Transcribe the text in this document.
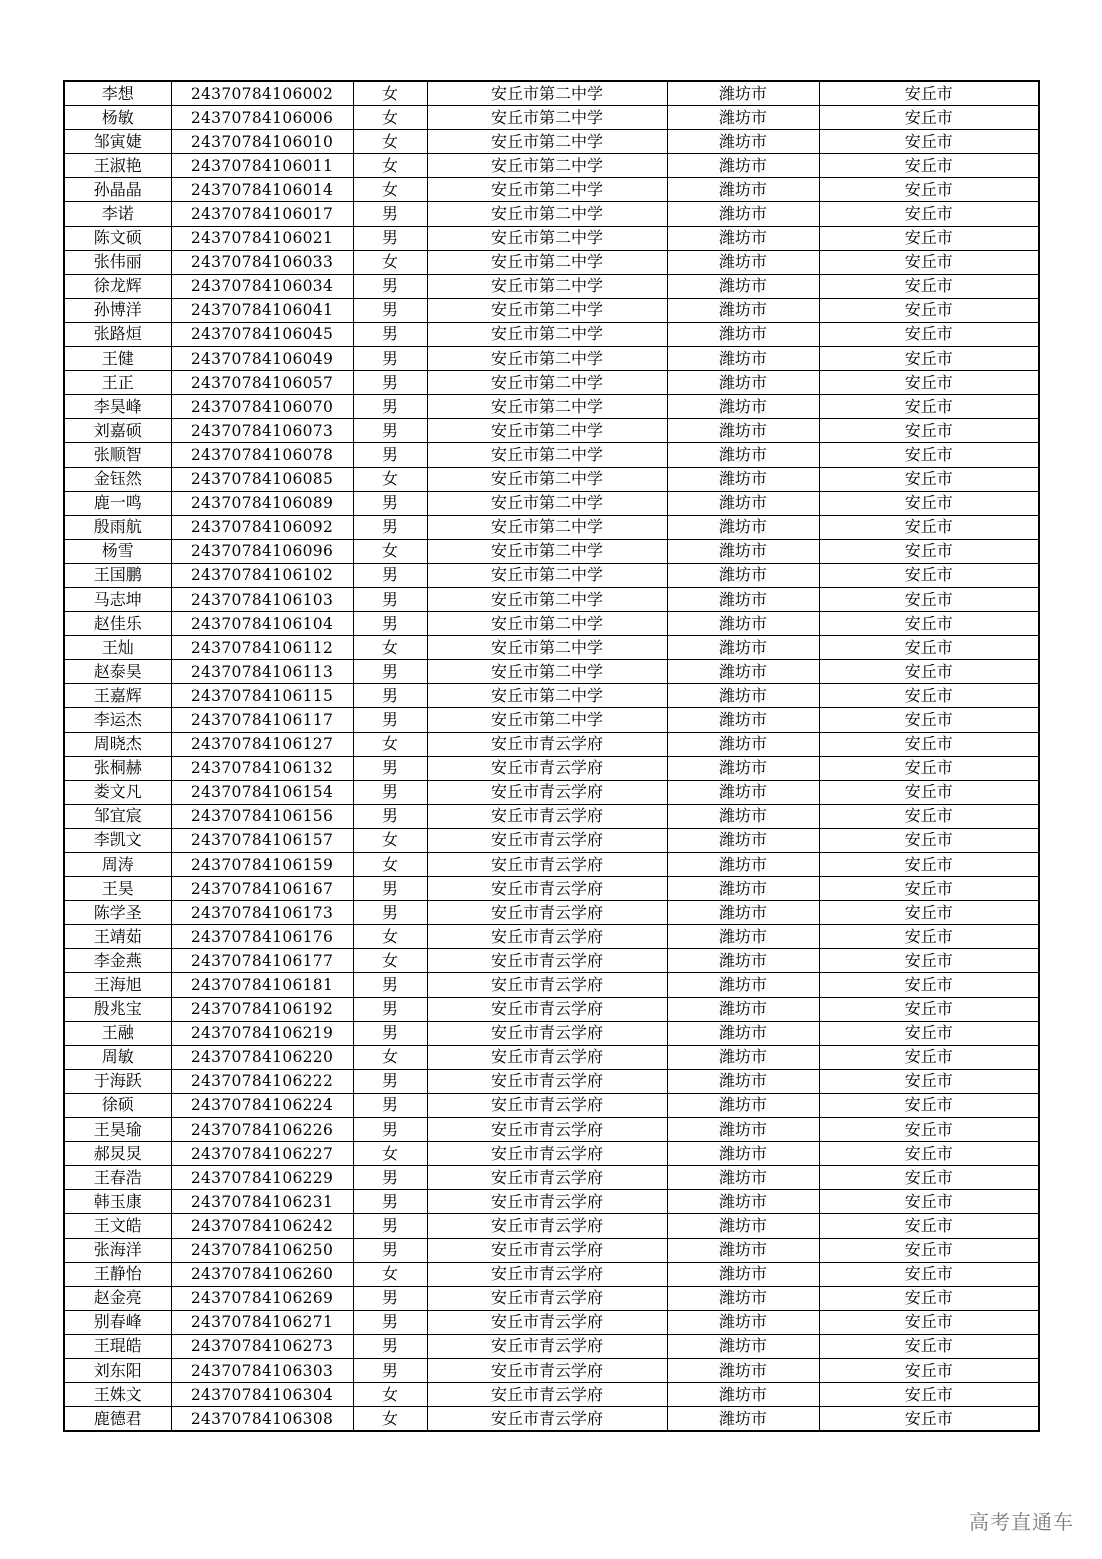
李想	24370784106002	女	安丘市第二中学	潍坊市	安丘市
杨敏	24370784106006	女	安丘市第二中学	潍坊市	安丘市
邹寅婕	24370784106010	女	安丘市第二中学	潍坊市	安丘市
王淑艳	24370784106011	女	安丘市第二中学	潍坊市	安丘市
孙晶晶	24370784106014	女	安丘市第二中学	潍坊市	安丘市
李诺	24370784106017	男	安丘市第二中学	潍坊市	安丘市
陈文硕	24370784106021	男	安丘市第二中学	潍坊市	安丘市
张伟丽	24370784106033	女	安丘市第二中学	潍坊市	安丘市
徐龙辉	24370784106034	男	安丘市第二中学	潍坊市	安丘市
孙博洋	24370784106041	男	安丘市第二中学	潍坊市	安丘市
张路烜	24370784106045	男	安丘市第二中学	潍坊市	安丘市
王健	24370784106049	男	安丘市第二中学	潍坊市	安丘市
王正	24370784106057	男	安丘市第二中学	潍坊市	安丘市
李昊峰	24370784106070	男	安丘市第二中学	潍坊市	安丘市
刘嘉硕	24370784106073	男	安丘市第二中学	潍坊市	安丘市
张顺智	24370784106078	男	安丘市第二中学	潍坊市	安丘市
金钰然	24370784106085	女	安丘市第二中学	潍坊市	安丘市
鹿一鸣	24370784106089	男	安丘市第二中学	潍坊市	安丘市
殷雨航	24370784106092	男	安丘市第二中学	潍坊市	安丘市
杨雪	24370784106096	女	安丘市第二中学	潍坊市	安丘市
王国鹏	24370784106102	男	安丘市第二中学	潍坊市	安丘市
马志坤	24370784106103	男	安丘市第二中学	潍坊市	安丘市
赵佳乐	24370784106104	男	安丘市第二中学	潍坊市	安丘市
王灿	24370784106112	女	安丘市第二中学	潍坊市	安丘市
赵泰昊	24370784106113	男	安丘市第二中学	潍坊市	安丘市
王嘉辉	24370784106115	男	安丘市第二中学	潍坊市	安丘市
李运杰	24370784106117	男	安丘市第二中学	潍坊市	安丘市
周晓杰	24370784106127	女	安丘市青云学府	潍坊市	安丘市
张桐赫	24370784106132	男	安丘市青云学府	潍坊市	安丘市
娄文凡	24370784106154	男	安丘市青云学府	潍坊市	安丘市
邹宜宸	24370784106156	男	安丘市青云学府	潍坊市	安丘市
李凯文	24370784106157	女	安丘市青云学府	潍坊市	安丘市
周涛	24370784106159	女	安丘市青云学府	潍坊市	安丘市
王昊	24370784106167	男	安丘市青云学府	潍坊市	安丘市
陈学圣	24370784106173	男	安丘市青云学府	潍坊市	安丘市
王靖茹	24370784106176	女	安丘市青云学府	潍坊市	安丘市
李金燕	24370784106177	女	安丘市青云学府	潍坊市	安丘市
王海旭	24370784106181	男	安丘市青云学府	潍坊市	安丘市
殷兆宝	24370784106192	男	安丘市青云学府	潍坊市	安丘市
王融	24370784106219	男	安丘市青云学府	潍坊市	安丘市
周敏	24370784106220	女	安丘市青云学府	潍坊市	安丘市
于海跃	24370784106222	男	安丘市青云学府	潍坊市	安丘市
徐硕	24370784106224	男	安丘市青云学府	潍坊市	安丘市
王昊瑜	24370784106226	男	安丘市青云学府	潍坊市	安丘市
郝炅炅	24370784106227	女	安丘市青云学府	潍坊市	安丘市
王春浩	24370784106229	男	安丘市青云学府	潍坊市	安丘市
韩玉康	24370784106231	男	安丘市青云学府	潍坊市	安丘市
王文皓	24370784106242	男	安丘市青云学府	潍坊市	安丘市
张海洋	24370784106250	男	安丘市青云学府	潍坊市	安丘市
王静怡	24370784106260	女	安丘市青云学府	潍坊市	安丘市
赵金亮	24370784106269	男	安丘市青云学府	潍坊市	安丘市
别春峰	24370784106271	男	安丘市青云学府	潍坊市	安丘市
王琨皓	24370784106273	男	安丘市青云学府	潍坊市	安丘市
刘东阳	24370784106303	男	安丘市青云学府	潍坊市	安丘市
王姝文	24370784106304	女	安丘市青云学府	潍坊市	安丘市
鹿德君	24370784106308	女	安丘市青云学府	潍坊市	安丘市
高考直通车
